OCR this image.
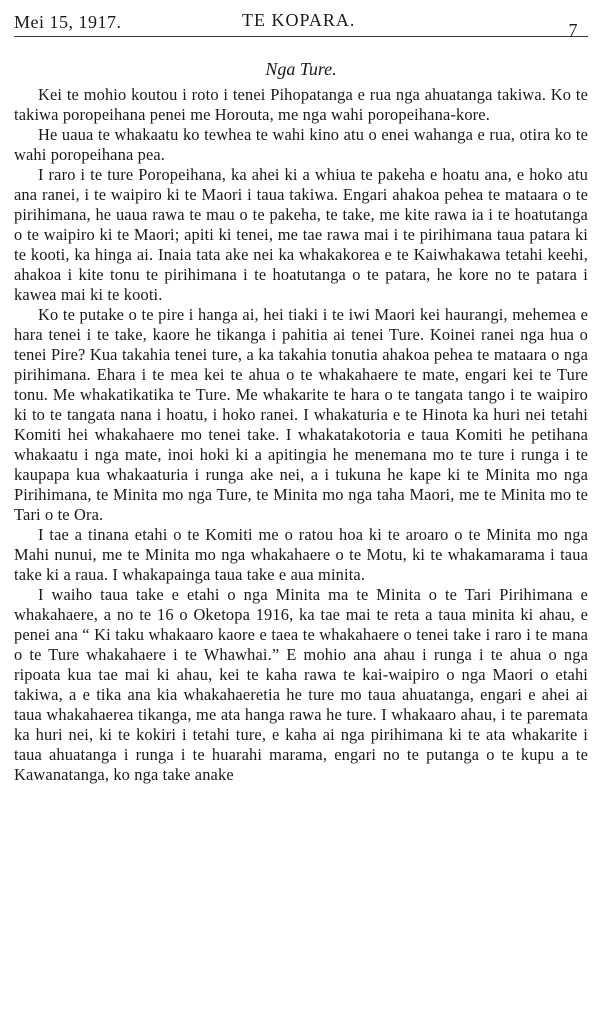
Mei 15, 1917.	TE KOPARA.	7
Nga Ture.

Kei te mohio koutou i roto i tenei Pihopatanga e rua nga ahuatanga takiwa. Ko te takiwa poropeihana penei me Horouta, me nga wahi poropeihana-kore.

He uaua te whakaatu ko tewhea te wahi kino atu o enei wahanga e rua, otira ko te wahi poropeihana pea.

I raro i te ture Poropeihana, ka ahei ki a whiua te pakeha e hoatu ana, e hoko atu ana ranei, i te waipiro ki te Maori i taua takiwa. Engari ahakoa pehea te mataara o te pirihimana, he uaua rawa te mau o te pakeha, te take, me kite rawa ia i te hoatutanga o te waipiro ki te Maori; apiti ki tenei, me tae rawa mai i te pirihimana taua patara ki te kooti, ka hinga ai. Inaia tata ake nei ka whakakorea e te Kaiwhakawa tetahi keehi, ahakoa i kite tonu te pirihimana i te hoatutanga o te patara, he kore no te patara i kawea mai ki te kooti.

Ko te putake o te pire i hanga ai, hei tiaki i te iwi Maori kei haurangi, mehemea e hara tenei i te take, kaore he tikanga i pahitia ai tenei Ture. Koinei ranei nga hua o tenei Pire? Kua takahia tenei ture, a ka takahia tonutia ahakoa pehea te mataara o nga pirihimana. Ehara i te mea kei te ahua o te whakahaere te mate, engari kei te Ture tonu. Me whakatikatika te Ture. Me whakarite te hara o te tangata tango i te waipiro ki to te tangata nana i hoatu, i hoko ranei. I whakaturia e te Hinota ka huri nei tetahi Komiti hei whakahaere mo tenei take. I whakatakotoria e taua Komiti he petihana whakaatu i nga mate, inoi hoki ki a apitingia he menemana mo te ture i runga i te kaupapa kua whakaaturia i runga ake nei, a i tukuna he kape ki te Minita mo nga Pirihimana, te Minita mo nga Ture, te Minita mo nga taha Maori, me te Minita mo te Tari o te Ora.

I tae a tinana etahi o te Komiti me o ratou hoa ki te aroaro o te Minita mo nga Mahi nunui, me te Minita mo nga whakahaere o te Motu, ki te whakamarama i taua take ki a raua. I whakapainga taua take e aua minita.

I waiho taua take e etahi o nga Minita ma te Minita o te Tari Pirihimana e whakahaere, a no te 16 o Oketopa 1916, ka tae mai te reta a taua minita ki ahau, e penei ana “ Ki taku whakaaro kaore e taea te whakahaere o tenei take i raro i te mana o te Ture whakahaere i te Whawhai.” E mohio ana ahau i runga i te ahua o nga ripoata kua tae mai ki ahau, kei te kaha rawa te kai-waipiro o nga Maori o etahi takiwa, a e tika ana kia whakahaeretia he ture mo taua ahuatanga, engari e ahei ai taua whakahaerea tikanga, me ata hanga rawa he ture. I whakaaro ahau, i te paremata ka huri nei, ki te kokiri i tetahi ture, e kaha ai nga pirihimana ki te ata whakarite i taua ahuatanga i runga i te huarahi marama, engari no te putanga o te kupu a te Kawanatanga, ko nga take anake
